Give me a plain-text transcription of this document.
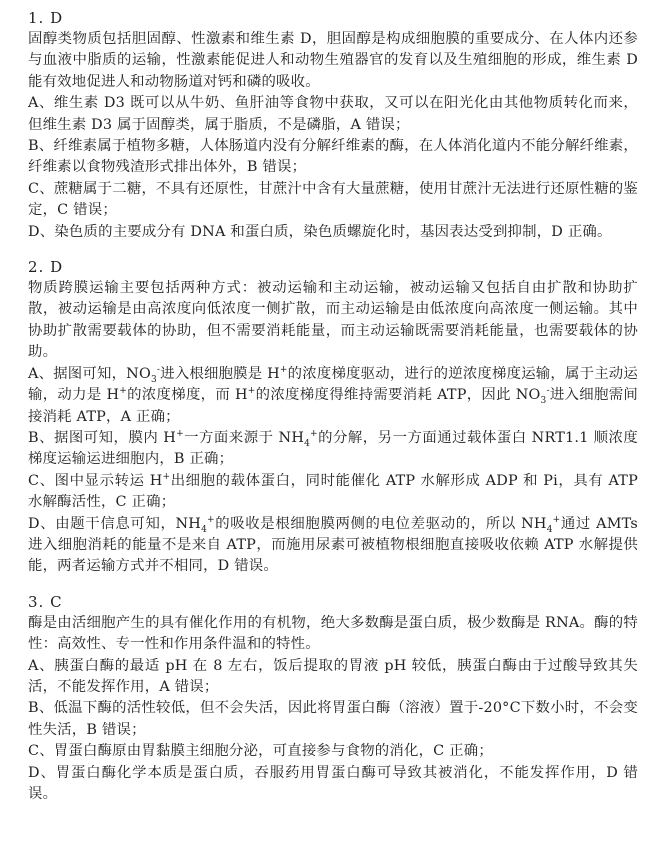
1. D

固醇类物质包括胆固醇、性激素和维生素 D，胆固醇是构成细胞膜的重要成分、在人体内还参与血液中脂质的运输，性激素能促进人和动物生殖器官的发育以及生殖细胞的形成，维生素 D 能有效地促进人和动物肠道对钙和磷的吸收。

A、维生素 D3 既可以从牛奶、鱼肝油等食物中获取，又可以在阳光化由其他物质转化而来，但维生素 D3 属于固醇类，属于脂质，不是磷脂，A 错误；

B、纤维素属于植物多糖，人体肠道内没有分解纤维素的酶，在人体消化道内不能分解纤维素，纤维素以食物残渣形式排出体外，B 错误；

C、蔗糖属于二糖，不具有还原性，甘蔗汁中含有大量蔗糖，使用甘蔗汁无法进行还原性糖的鉴定，C 错误；

D、染色质的主要成分有 DNA 和蛋白质，染色质螺旋化时，基因表达受到抑制，D 正确。

2. D

物质跨膜运输主要包括两种方式：被动运输和主动运输，被动运输又包括自由扩散和协助扩散，被动运输是由高浓度向低浓度一侧扩散，而主动运输是由低浓度向高浓度一侧运输。其中协助扩散需要载体的协助，但不需要消耗能量，而主动运输既需要消耗能量，也需要载体的协助。

A、据图可知，$NO_3^-$进入根细胞膜是 H+的浓度梯度驱动，进行的逆浓度梯度运输，属于主动运输，动力是 H+的浓度梯度，而 H+的浓度梯度得维持需要消耗 ATP，因此 $NO_3^-$进入细胞需间接消耗 ATP，A 正确；

B、据图可知，膜内 H+一方面来源于 $NH_4^+$的分解，另一方面通过载体蛋白 NRT1.1 顺浓度梯度运输运进细胞内，B 正确；

C、图中显示转运 H+出细胞的载体蛋白，同时能催化 ATP 水解形成 ADP 和 Pi，具有 ATP 水解酶活性，C 正确；

D、由题干信息可知，$NH_4^+$的吸收是根细胞膜两侧的电位差驱动的，所以 $NH_4^+$通过 AMTs 进入细胞消耗的能量不是来自 ATP，而施用尿素可被植物根细胞直接吸收依赖 ATP 水解提供能，两者运输方式并不相同，D 错误。

3. C

酶是由活细胞产生的具有催化作用的有机物，绝大多数酶是蛋白质，极少数酶是 RNA。酶的特性：高效性、专一性和作用条件温和的特性。

A、胰蛋白酶的最适 pH 在 8 左右，饭后提取的胃液 pH 较低，胰蛋白酶由于过酸导致其失活，不能发挥作用，A 错误；

B、低温下酶的活性较低，但不会失活，因此将胃蛋白酶（溶液）置于-20°C下数小时，不会变性失活，B 错误；

C、胃蛋白酶原由胃黏膜主细胞分泌，可直接参与食物的消化，C 正确；

D、胃蛋白酶化学本质是蛋白质，吞服药用胃蛋白酶可导致其被消化，不能发挥作用，D 错误。
